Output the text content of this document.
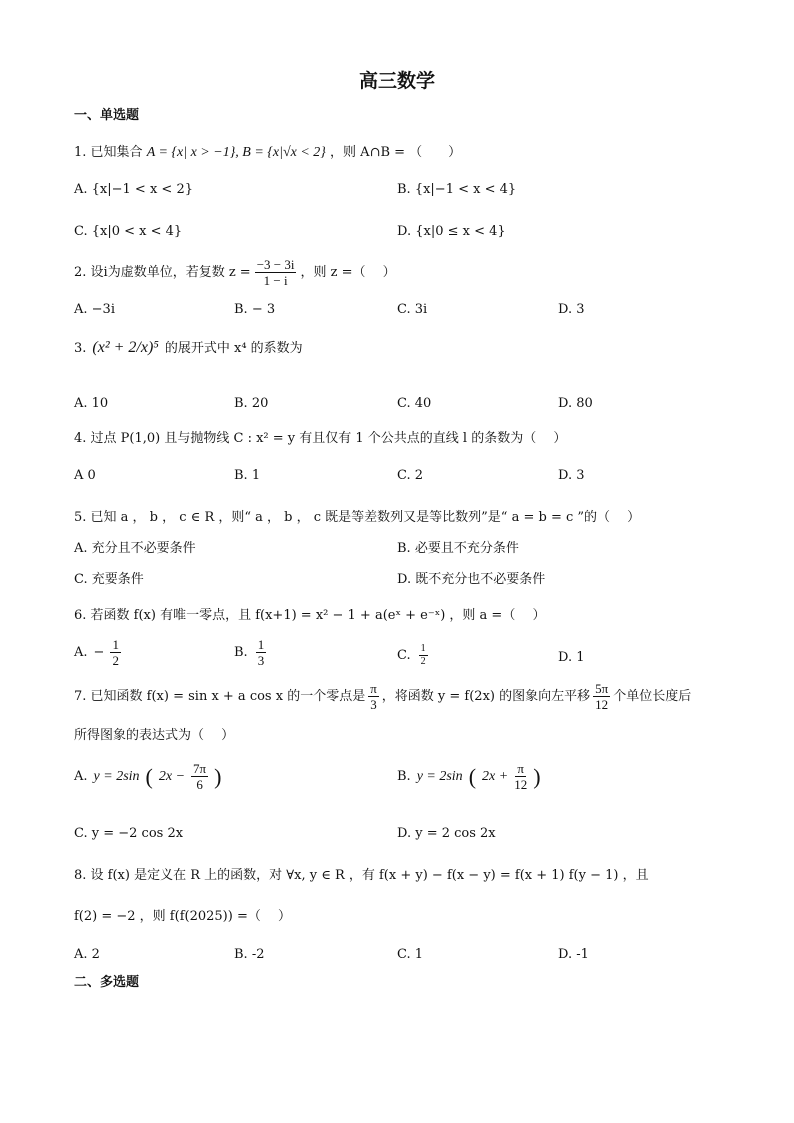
高三数学
一、单选题
1. 已知集合 A = {x| x > −1}, B = {x|√x < 2} ，则 A∩B = （　　）
A. {x|−1 < x < 2}	B. {x|−1 < x < 4}
C. {x|0 < x < 4}	D. {x|0 ≤ x < 4}
2. 设i为虚数单位，若复数 $z = \frac{-3 - 3i}{1 - i}$ ，则 z =（　 ）
A. −3i	B. − 3	C. 3i	D. 3
3. (x² + 2/x)⁵ 的展开式中 x⁴ 的系数为
A. 10	B. 20	C. 40	D. 80
4. 过点 P(1,0) 且与抛物线 C : x² = y 有且仅有 1 个公共点的直线 l 的条数为（　 ）
A 0	B. 1	C. 2	D. 3
5. 已知 a ， b ， c ∈ R ，则“ a ， b ， c 既是等差数列又是等比数列”是“ a = b = c ”的（　 ）
A. 充分且不必要条件	B. 必要且不充分条件
C. 充要条件	D. 既不充分也不必要条件
6. 若函数 f(x) 有唯一零点，且 f(x+1) = x² − 1 + a(eˣ + e⁻ˣ) ，则 a =（　 ）
A. − $\frac{1}{2}$	B. $\frac{1}{3}$	C. $\frac{1}{2}$	D. 1
7. 已知函数 f(x) = sin x + a cos x 的一个零点是 $\frac{\pi}{3}$ ，将函数 y = f(2x) 的图象向左平移 $\frac{5\pi}{12}$ 个单位长度后
所得图象的表达式为（　 ）
A. y = 2sin ( $2x - \frac{7\pi}{6}$ )	B. y = 2sin ( $2x + \frac{\pi}{12}$ )
C. y = −2 cos 2x	D. y = 2 cos 2x
8. 设 f(x) 是定义在 R 上的函数，对 ∀x, y ∈ R ，有 f(x + y) − f(x − y) = f(x + 1) f(y − 1) ，且
f(2) = −2 ，则 f(f(2025)) =（　 ）
A. 2	B. -2	C. 1	D. -1
二、多选题
